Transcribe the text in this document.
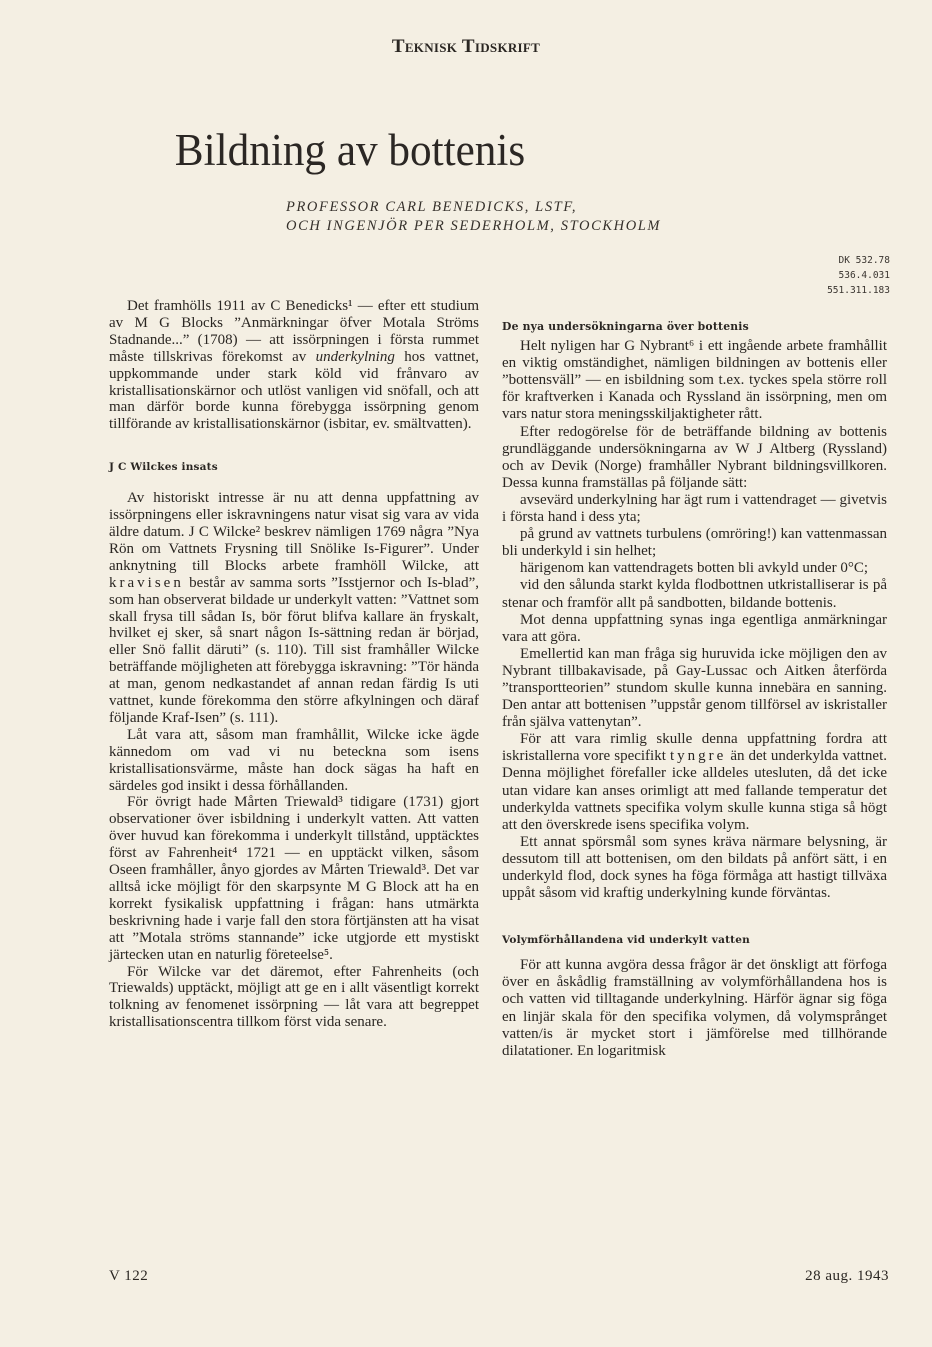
Teknisk Tidskrift
Bildning av bottenis
PROFESSOR CARL BENEDICKS, LSTF,
OCH INGENJÖR PER SEDERHOLM, STOCKHOLM
DK 532.78
536.4.031
551.311.183

Det framhölls 1911 av C Benedicks¹ — efter ett studium av M G Blocks ”Anmärkningar öfver Motala Ströms Stadnande...” (1708) — att issörpningen i första rummet måste tillskrivas förekomst av underkylning hos vattnet, uppkommande under stark köld vid frånvaro av kristallisationskärnor och utlöst vanligen vid snöfall, och att man därför borde kunna förebygga issörpning genom tillförande av kristallisationskärnor (isbitar, ev. smältvatten).

J C Wilckes insats

Av historiskt intresse är nu att denna uppfattning av issörpningens eller iskravningens natur visat sig vara av vida äldre datum. J C Wilcke² beskrev nämligen 1769 några ”Nya Rön om Vattnets Frysning till Snölike Is-Figurer”. Under anknytning till Blocks arbete framhöll Wilcke, att kravisen består av samma sorts ”Isstjernor och Is-blad”, som han observerat bildade ur underkylt vatten: ”Vattnet som skall frysa till sådan Is, bör förut blifva kallare än fryskalt, hvilket ej sker, så snart någon Is-sättning redan är börjad, eller Snö fallit däruti” (s. 110). Till sist framhåller Wilcke beträffande möjligheten att förebygga iskravning: ”Tör hända at man, genom nedkastandet af annan redan färdig Is uti vattnet, kunde förekomma den större afkylningen och däraf följande Kraf-Isen” (s. 111).

Låt vara att, såsom man framhållit, Wilcke icke ägde kännedom om vad vi nu beteckna som isens kristallisationsvärme, måste han dock sägas ha haft en särdeles god insikt i dessa förhållanden.

För övrigt hade Mårten Triewald³ tidigare (1731) gjort observationer över isbildning i underkylt vatten. Att vatten över huvud kan förekomma i underkylt tillstånd, upptäcktes först av Fahrenheit⁴ 1721 — en upptäckt vilken, såsom Oseen framhåller, ånyo gjordes av Mårten Triewald³. Det var alltså icke möjligt för den skarpsynte M G Block att ha en korrekt fysikalisk uppfattning i frågan: hans utmärkta beskrivning hade i varje fall den stora förtjänsten att ha visat att ”Motala ströms stannande” icke utgjorde ett mystiskt järtecken utan en naturlig företeelse⁵.

För Wilcke var det däremot, efter Fahrenheits (och Triewalds) upptäckt, möjligt att ge en i allt väsentligt korrekt tolkning av fenomenet issörpning — låt vara att begreppet kristallisationscentra tillkom först vida senare.

De nya undersökningarna över bottenis

Helt nyligen har G Nybrant⁶ i ett ingående arbete framhållit en viktig omständighet, nämligen bildningen av bottenis eller ”bottensväll” — en isbildning som t.ex. tyckes spela större roll för kraftverken i Kanada och Ryssland än issörpning, men om vars natur stora meningsskiljaktigheter rått.

Efter redogörelse för de beträffande bildning av bottenis grundläggande undersökningarna av W J Altberg (Ryssland) och av Devik (Norge) framhåller Nybrant bildningsvillkoren. Dessa kunna framställas på följande sätt:

avsevärd underkylning har ägt rum i vattendraget — givetvis i första hand i dess yta;

på grund av vattnets turbulens (omröring!) kan vattenmassan bli underkyld i sin helhet;

härigenom kan vattendragets botten bli avkyld under 0°C;

vid den sålunda starkt kylda flodbottnen utkristalliserar is på stenar och framför allt på sandbotten, bildande bottenis.

Mot denna uppfattning synas inga egentliga anmärkningar vara att göra.

Emellertid kan man fråga sig huruvida icke möjligen den av Nybrant tillbakavisade, på Gay-Lussac och Aitken återförda ”transportteorien” stundom skulle kunna innebära en sanning. Den antar att bottenisen ”uppstår genom tillförsel av iskristaller från själva vattenytan”.

För att vara rimlig skulle denna uppfattning fordra att iskristallerna vore specifikt tyngre än det underkylda vattnet. Denna möjlighet förefaller icke alldeles utesluten, då det icke utan vidare kan anses orimligt att med fallande temperatur det underkylda vattnets specifika volym skulle kunna stiga så högt att den överskrede isens specifika volym.

Ett annat spörsmål som synes kräva närmare belysning, är dessutom till att bottenisen, om den bildats på anfört sätt, i en underkyld flod, dock synes ha föga förmåga att hastigt tillväxa uppåt såsom vid kraftig underkylning kunde förväntas.

Volymförhållandena vid underkylt vatten

För att kunna avgöra dessa frågor är det önskligt att förfoga över en åskådlig framställning av volymförhållandena hos is och vatten vid tilltagande underkylning. Härför ägnar sig föga en linjär skala för den specifika volymen, då volymsprånget vatten/is är mycket stort i jämförelse med tillhörande dilatationer. En logaritmisk

V 122	28 aug. 1943
